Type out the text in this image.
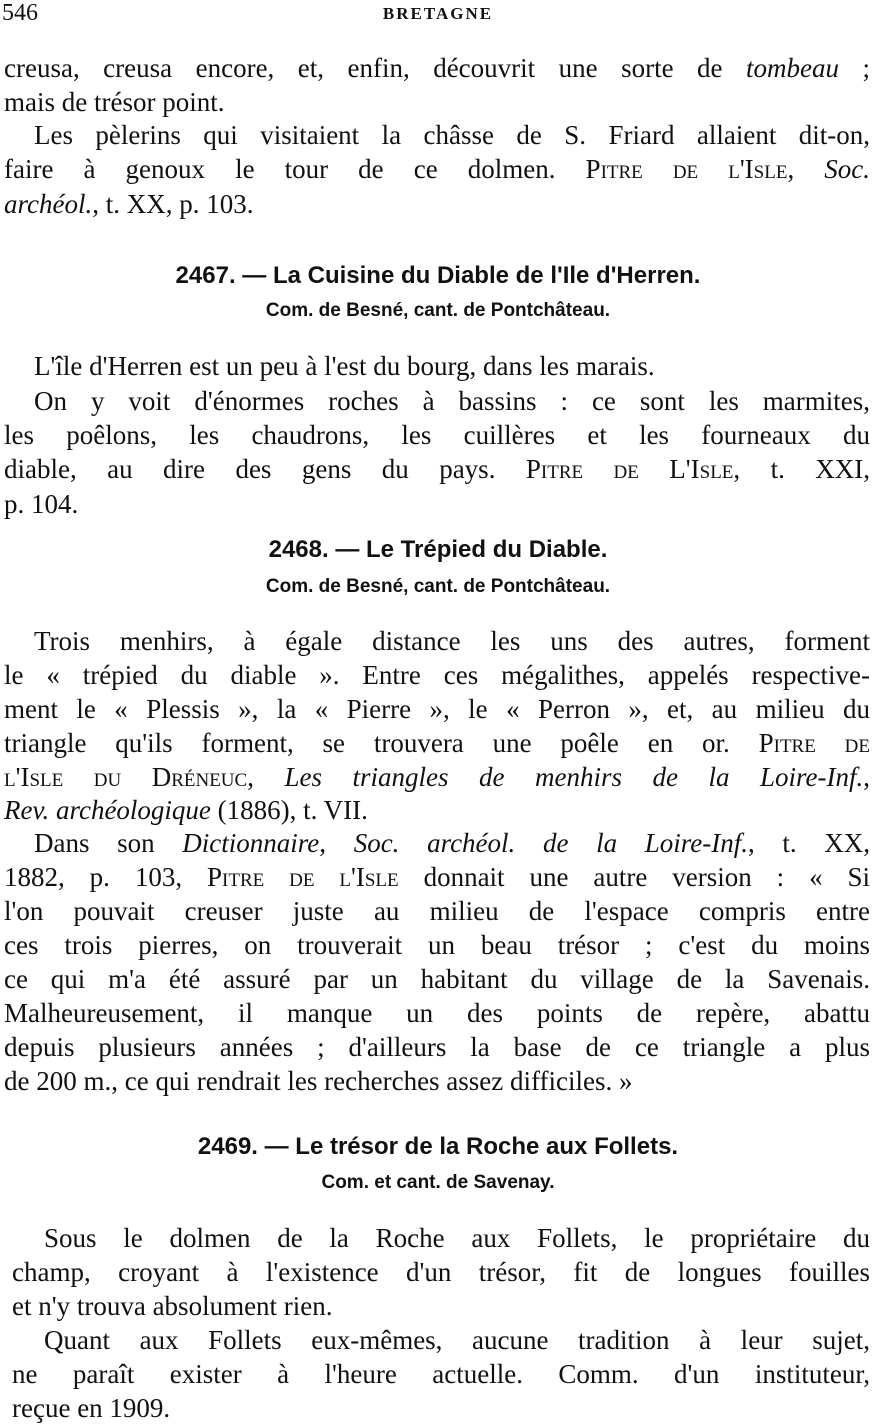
546	BRETAGNE
creusa, creusa encore, et, enfin, découvrit une sorte de tombeau ;
mais de trésor point.
Les pèlerins qui visitaient la châsse de S. Friard allaient dit-on,
faire à genoux le tour de ce dolmen. Pitre de l'Isle, Soc.
archéol., t. XX, p. 103.
2467. — La Cuisine du Diable de l'Ile d'Herren.
Com. de Besné, cant. de Pontchâteau.
L'île d'Herren est un peu à l'est du bourg, dans les marais.
On y voit d'énormes roches à bassins : ce sont les marmites,
les poêlons, les chaudrons, les cuillères et les fourneaux du
diable, au dire des gens du pays. Pitre de L'Isle, t. XXI,
p. 104.
2468. — Le Trépied du Diable.
Com. de Besné, cant. de Pontchâteau.
Trois menhirs, à égale distance les uns des autres, forment
le « trépied du diable ». Entre ces mégalithes, appelés respective-
ment le « Plessis », la « Pierre », le « Perron », et, au milieu du
triangle qu'ils forment, se trouvera une poêle en or. Pitre de
l'Isle du Dréneuc, Les triangles de menhirs de la Loire-Inf.,
Rev. archéologique (1886), t. VII.
Dans son Dictionnaire, Soc. archéol. de la Loire-Inf., t. XX,
1882, p. 103, Pitre de l'Isle donnait une autre version : « Si
l'on pouvait creuser juste au milieu de l'espace compris entre
ces trois pierres, on trouverait un beau trésor ; c'est du moins
ce qui m'a été assuré par un habitant du village de la Savenais.
Malheureusement, il manque un des points de repère, abattu
depuis plusieurs années ; d'ailleurs la base de ce triangle a plus
de 200 m., ce qui rendrait les recherches assez difficiles. »
2469. — Le trésor de la Roche aux Follets.
Com. et cant. de Savenay.
Sous le dolmen de la Roche aux Follets, le propriétaire du
champ, croyant à l'existence d'un trésor, fit de longues fouilles
et n'y trouva absolument rien.
Quant aux Follets eux-mêmes, aucune tradition à leur sujet,
ne paraît exister à l'heure actuelle. Comm. d'un instituteur,
reçue en 1909.
